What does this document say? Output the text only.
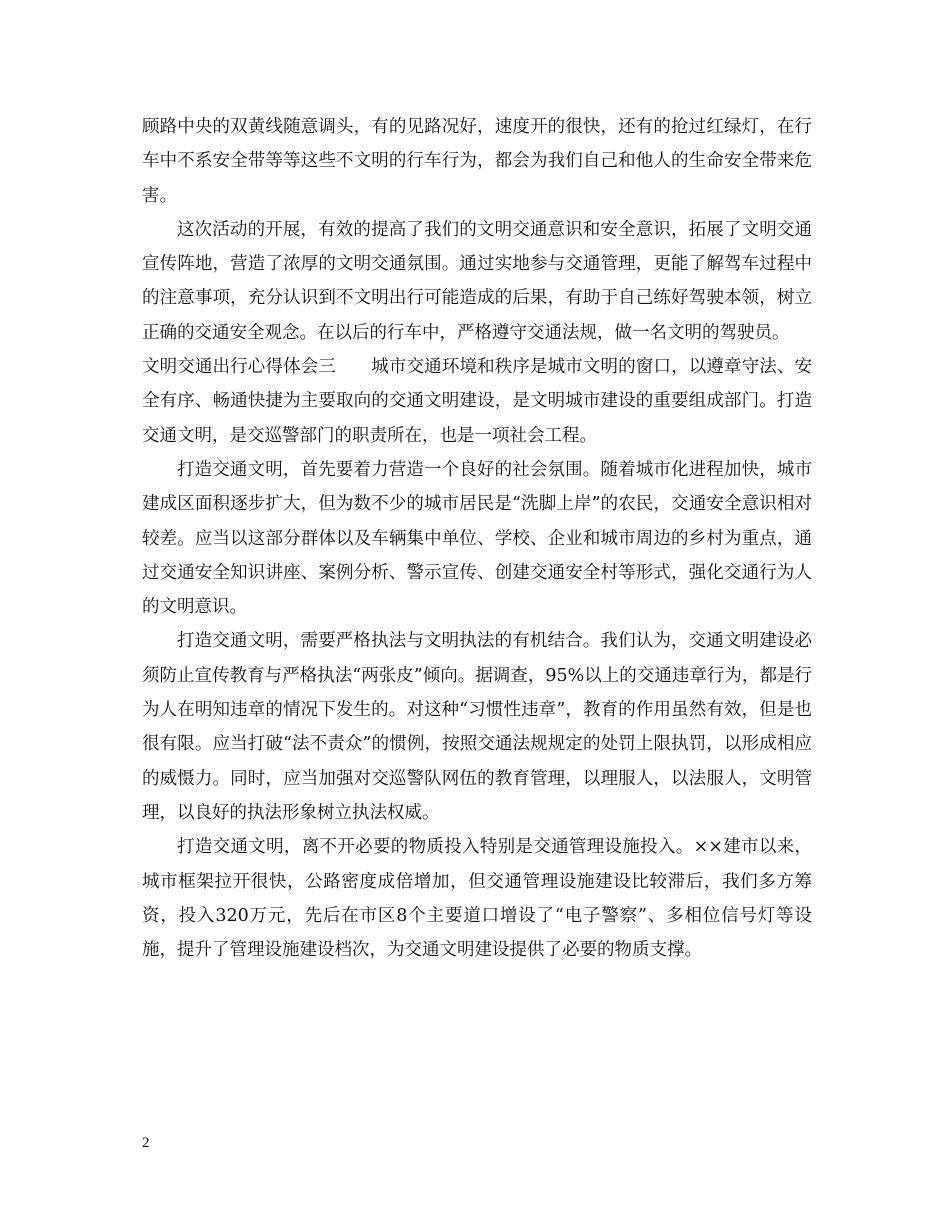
顾路中央的双黄线随意调头，有的见路况好，速度开的很快，还有的抢过红绿灯，在行车中不系安全带等等这些不文明的行车行为，都会为我们自己和他人的生命安全带来危害。

这次活动的开展，有效的提高了我们的文明交通意识和安全意识，拓展了文明交通宣传阵地，营造了浓厚的文明交通氛围。通过实地参与交通管理，更能了解驾车过程中的注意事项，充分认识到不文明出行可能造成的后果，有助于自己练好驾驶本领，树立正确的交通安全观念。在以后的行车中，严格遵守交通法规，做一名文明的驾驶员。

文明交通出行心得体会三　　 城市交通环境和秩序是城市文明的窗口，以遵章守法、安全有序、畅通快捷为主要取向的交通文明建设，是文明城市建设的重要组成部门。打造交通文明，是交巡警部门的职责所在，也是一项社会工程。

打造交通文明，首先要着力营造一个良好的社会氛围。随着城市化进程加快，城市建成区面积逐步扩大，但为数不少的城市居民是“洗脚上岸”的农民，交通安全意识相对较差。应当以这部分群体以及车辆集中单位、学校、企业和城市周边的乡村为重点，通过交通安全知识讲座、案例分析、警示宣传、创建交通安全村等形式，强化交通行为人的文明意识。

打造交通文明，需要严格执法与文明执法的有机结合。我们认为，交通文明建设必须防止宣传教育与严格执法“两张皮”倾向。据调查，95%以上的交通违章行为，都是行为人在明知违章的情况下发生的。对这种“习惯性违章”，教育的作用虽然有效，但是也很有限。应当打破“法不责众”的惯例，按照交通法规规定的处罚上限执罚，以形成相应的威慑力。同时，应当加强对交巡警队网伍的教育管理，以理服人，以法服人，文明管理，以良好的执法形象树立执法权威。

打造交通文明，离不开必要的物质投入特别是交通管理设施投入。××建市以来，城市框架拉开很快，公路密度成倍增加，但交通管理设施建设比较滞后，我们多方筹资，投入320万元，先后在市区8个主要道口增设了“电子警察”、多相位信号灯等设施，提升了管理设施建设档次，为交通文明建设提供了必要的物质支撑。

2
